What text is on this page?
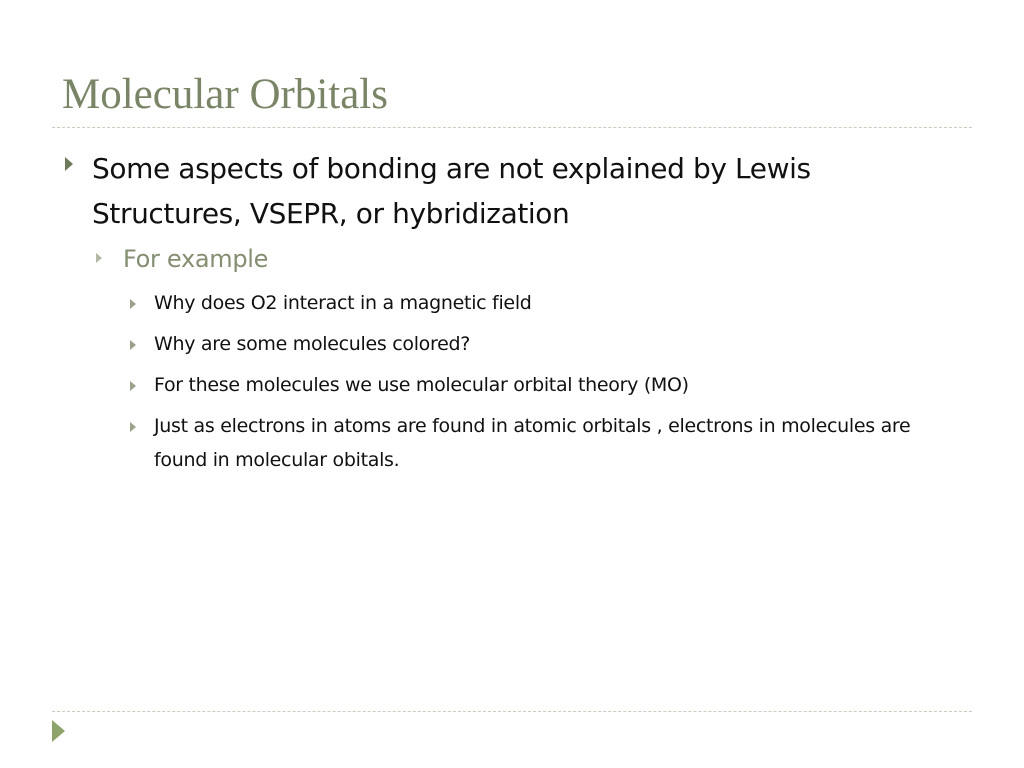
Molecular Orbitals
Some aspects of bonding are not explained by Lewis Structures, VSEPR, or hybridization
For example
Why does O2 interact in a magnetic field
Why are some molecules colored?
For these molecules we use molecular orbital theory (MO)
Just as electrons in atoms are found in atomic orbitals , electrons in molecules are found in molecular obitals.
